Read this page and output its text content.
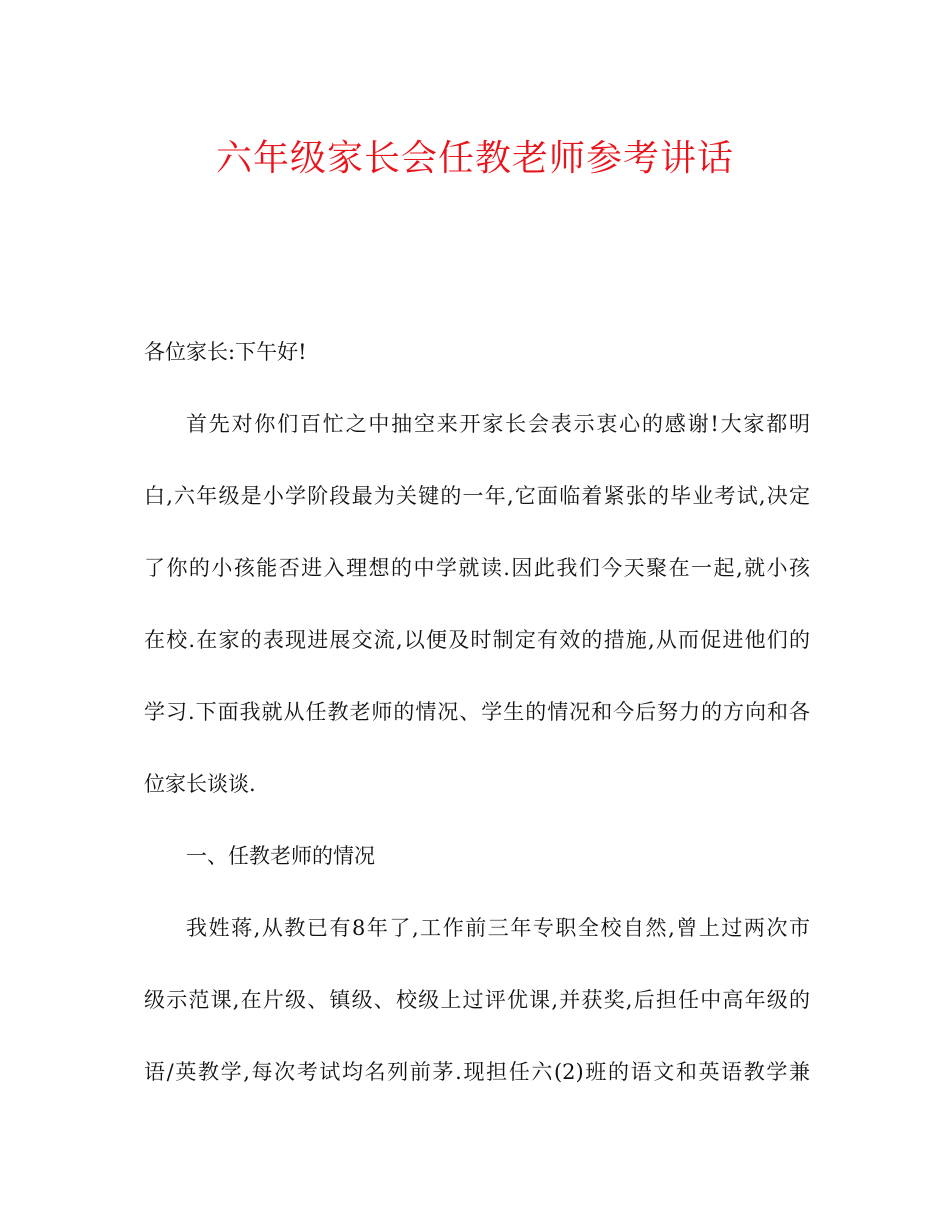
六年级家长会任教老师参考讲话
各位家长:下午好!
首先对你们百忙之中抽空来开家长会表示衷心的感谢!大家都明
白,六年级是小学阶段最为关键的一年,它面临着紧张的毕业考试,决定
了你的小孩能否进入理想的中学就读.因此我们今天聚在一起,就小孩
在校.在家的表现进展交流,以便及时制定有效的措施,从而促进他们的
学习.下面我就从任教老师的情况、学生的情况和今后努力的方向和各
位家长谈谈.
一、任教老师的情况
我姓蒋,从教已有8年了,工作前三年专职全校自然,曾上过两次市
级示范课,在片级、镇级、校级上过评优课,并获奖,后担任中高年级的
语/英教学,每次考试均名列前茅.现担任六(2)班的语文和英语教学兼
